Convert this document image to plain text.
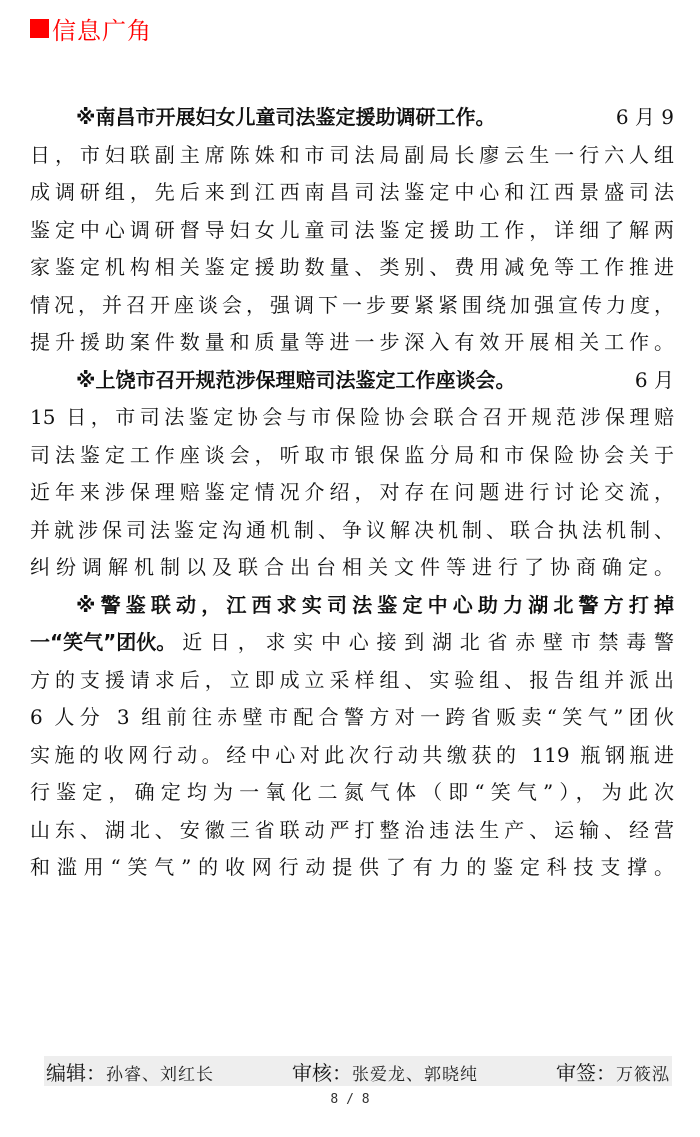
信息广角
※南昌市开展妇女儿童司法鉴定援助调研工作。	6 月 9
日，市妇联副主席陈姝和市司法局副局长廖云生一行六人组
成调研组，先后来到江西南昌司法鉴定中心和江西景盛司法
鉴定中心调研督导妇女儿童司法鉴定援助工作，详细了解两
家鉴定机构相关鉴定援助数量、类别、费用减免等工作推进
情况，并召开座谈会，强调下一步要紧紧围绕加强宣传力度，
提升援助案件数量和质量等进一步深入有效开展相关工作。
※上饶市召开规范涉保理赔司法鉴定工作座谈会。	6 月
15 日，市司法鉴定协会与市保险协会联合召开规范涉保理赔
司法鉴定工作座谈会，听取市银保监分局和市保险协会关于
近年来涉保理赔鉴定情况介绍，对存在问题进行讨论交流，
并就涉保司法鉴定沟通机制、争议解决机制、联合执法机制、
纠纷调解机制以及联合出台相关文件等进行了协商确定。
※警鉴联动，江西求实司法鉴定中心助力湖北警方打掉
一“笑气”团伙。 近日，求实中心接到湖北省赤壁市禁毒警
方的支援请求后，立即成立采样组、实验组、报告组并派出
6 人分 3 组前往赤壁市配合警方对一跨省贩卖“笑气”团伙
实施的收网行动。经中心对此次行动共缴获的 119 瓶钢瓶进
行鉴定，确定均为一氧化二氮气体（即“笑气”），为此次
山东、湖北、安徽三省联动严打整治违法生产、运输、经营
和滥用“笑气”的收网行动提供了有力的鉴定科技支撑。
编辑： 孙睿、刘红长	审核： 张爱龙、郭晓纯	审签： 万筱泓
8 / 8
